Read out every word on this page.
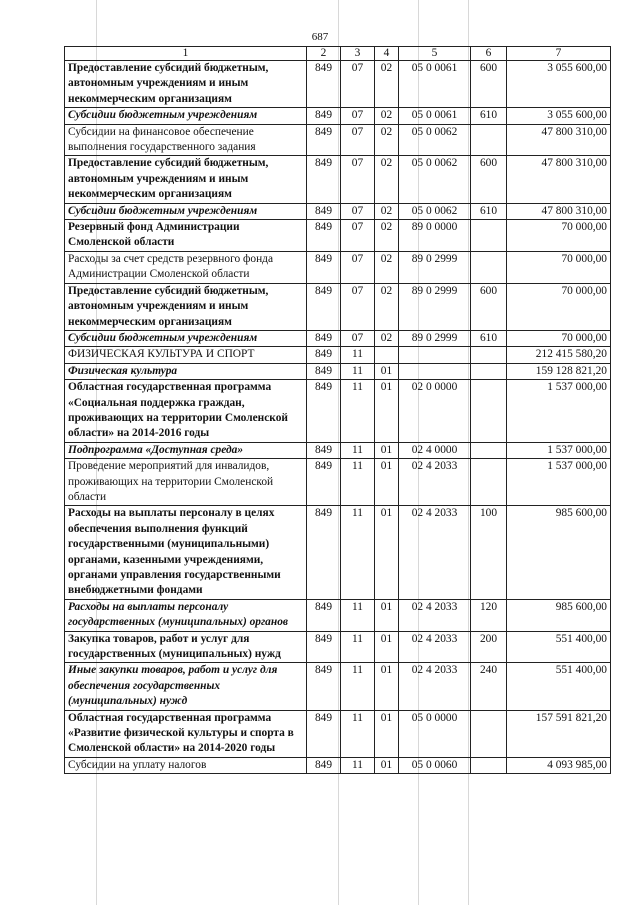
687
1	2	3	4	5	6	7
Предоставление субсидий бюджетным, автономным учреждениям и иным некоммерческим организациям	849	07	02	05 0 0061	600	3 055 600,00
Субсидии бюджетным учреждениям	849	07	02	05 0 0061	610	3 055 600,00
Субсидии на финансовое обеспечение выполнения государственного задания	849	07	02	05 0 0062		47 800 310,00
Предоставление субсидий бюджетным, автономным учреждениям и иным некоммерческим организациям	849	07	02	05 0 0062	600	47 800 310,00
Субсидии бюджетным учреждениям	849	07	02	05 0 0062	610	47 800 310,00
Резервный фонд Администрации Смоленской области	849	07	02	89 0 0000		70 000,00
Расходы за счет средств резервного фонда Администрации Смоленской области	849	07	02	89 0 2999		70 000,00
Предоставление субсидий бюджетным, автономным учреждениям и иным некоммерческим организациям	849	07	02	89 0 2999	600	70 000,00
Субсидии бюджетным учреждениям	849	07	02	89 0 2999	610	70 000,00
ФИЗИЧЕСКАЯ КУЛЬТУРА И СПОРТ	849	11				212 415 580,20
Физическая культура	849	11	01			159 128 821,20
Областная государственная программа «Социальная поддержка граждан, проживающих на территории Смоленской области» на 2014-2016 годы	849	11	01	02 0 0000		1 537 000,00
Подпрограмма «Доступная среда»	849	11	01	02 4 0000		1 537 000,00
Проведение мероприятий для инвалидов, проживающих на территории Смоленской области	849	11	01	02 4 2033		1 537 000,00
Расходы на выплаты персоналу в целях обеспечения выполнения функций государственными (муниципальными) органами, казенными учреждениями, органами управления государственными внебюджетными фондами	849	11	01	02 4 2033	100	985 600,00
Расходы на выплаты персоналу государственных (муниципальных) органов	849	11	01	02 4 2033	120	985 600,00
Закупка товаров, работ и услуг для государственных (муниципальных) нужд	849	11	01	02 4 2033	200	551 400,00
Иные закупки товаров, работ и услуг для обеспечения государственных (муниципальных) нужд	849	11	01	02 4 2033	240	551 400,00
Областная государственная программа «Развитие физической культуры и спорта в Смоленской области» на 2014-2020 годы	849	11	01	05 0 0000		157 591 821,20
Субсидии на уплату налогов	849	11	01	05 0 0060		4 093 985,00
